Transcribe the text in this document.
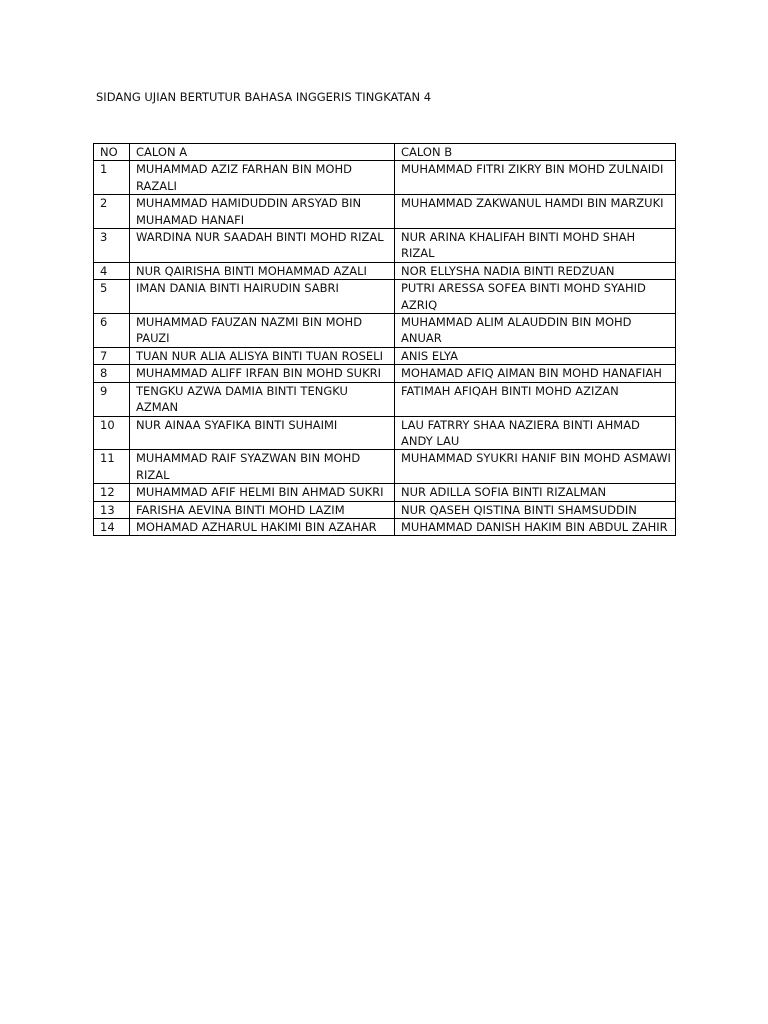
SIDANG UJIAN BERTUTUR BAHASA INGGERIS TINGKATAN 4
NO	CALON A	CALON B
1	MUHAMMAD AZIZ FARHAN BIN MOHD RAZALI	MUHAMMAD FITRI ZIKRY BIN MOHD ZULNAIDI
2	MUHAMMAD HAMIDUDDIN ARSYAD BIN MUHAMAD HANAFI	MUHAMMAD ZAKWANUL HAMDI BIN MARZUKI
3	WARDINA NUR SAADAH BINTI MOHD RIZAL	NUR ARINA KHALIFAH BINTI MOHD SHAH RIZAL
4	NUR QAIRISHA BINTI MOHAMMAD AZALI	NOR ELLYSHA NADIA BINTI REDZUAN
5	IMAN DANIA BINTI HAIRUDIN SABRI	PUTRI ARESSA SOFEA BINTI MOHD SYAHID AZRIQ
6	MUHAMMAD FAUZAN NAZMI BIN MOHD PAUZI	MUHAMMAD ALIM ALAUDDIN BIN MOHD ANUAR
7	TUAN NUR ALIA ALISYA BINTI TUAN ROSELI	ANIS ELYA
8	MUHAMMAD ALIFF IRFAN BIN MOHD SUKRI	MOHAMAD AFIQ AIMAN BIN MOHD HANAFIAH
9	TENGKU AZWA DAMIA BINTI TENGKU AZMAN	FATIMAH AFIQAH BINTI MOHD AZIZAN
10	NUR AINAA SYAFIKA BINTI SUHAIMI	LAU FATRRY SHAA NAZIERA BINTI AHMAD ANDY LAU
11	MUHAMMAD RAIF SYAZWAN BIN MOHD RIZAL	MUHAMMAD SYUKRI HANIF BIN MOHD ASMAWI
12	MUHAMMAD AFIF HELMI BIN AHMAD SUKRI	NUR ADILLA SOFIA BINTI RIZALMAN
13	FARISHA AEVINA BINTI MOHD LAZIM	NUR QASEH QISTINA BINTI SHAMSUDDIN
14	MOHAMAD AZHARUL HAKIMI BIN AZAHAR	MUHAMMAD DANISH HAKIM BIN ABDUL ZAHIR
